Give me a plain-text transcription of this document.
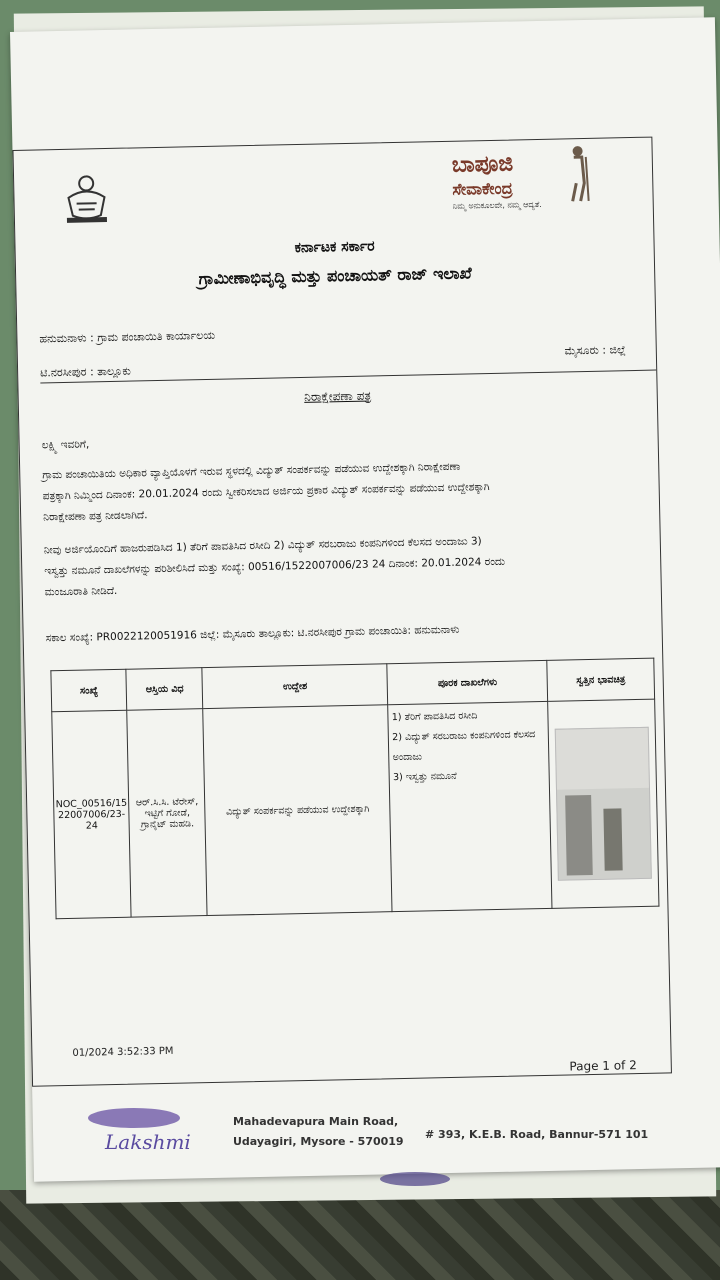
ಬಾಪೂಜಿ
ಸೇವಾಕೇಂದ್ರ
ನಿಮ್ಮ ಅನುಕೂಲವೇ, ನಮ್ಮ ಆದ್ಯತೆ.
ಕರ್ನಾಟಕ ಸರ್ಕಾರ
ಗ್ರಾಮೀಣಾಭಿವೃದ್ಧಿ ಮತ್ತು ಪಂಚಾಯತ್ ರಾಜ್ ಇಲಾಖೆ
ಹನುಮನಾಳು : ಗ್ರಾಮ ಪಂಚಾಯಿತಿ ಕಾರ್ಯಾಲಯ
ಟಿ.ನರಸೀಪುರ : ತಾಲ್ಲೂಕು
ಮೈಸೂರು : ಜಿಲ್ಲೆ
ನಿರಾಕ್ಷೇಪಣಾ ಪತ್ರ
ಲಕ್ಷ್ಮಿ ಇವರಿಗೆ,
ಗ್ರಾಮ ಪಂಚಾಯಿತಿಯ ಅಧಿಕಾರ ವ್ಯಾಪ್ತಿಯೊಳಗೆ ಇರುವ ಸ್ಥಳದಲ್ಲಿ ವಿದ್ಯುತ್ ಸಂಪರ್ಕವನ್ನು ಪಡೆಯುವ ಉದ್ದೇಶಕ್ಕಾಗಿ ನಿರಾಕ್ಷೇಪಣಾ
ಪತ್ರಕ್ಕಾಗಿ ನಿಮ್ಮಿಂದ ದಿನಾಂಕ: 20.01.2024 ರಂದು ಸ್ವೀಕರಿಸಲಾದ ಅರ್ಜಿಯ ಪ್ರಕಾರ ವಿದ್ಯುತ್ ಸಂಪರ್ಕವನ್ನು ಪಡೆಯುವ ಉದ್ದೇಶಕ್ಕಾಗಿ
ನಿರಾಕ್ಷೇಪಣಾ ಪತ್ರ ನೀಡಲಾಗಿದೆ.
ನೀವು ಅರ್ಜಿಯೊಂದಿಗೆ ಹಾಜರುಪಡಿಸಿದ 1) ತೆರಿಗೆ ಪಾವತಿಸಿದ ರಸೀದಿ 2) ವಿದ್ಯುತ್ ಸರಬರಾಜು ಕಂಪನಿಗಳಿಂದ ಕೆಲಸದ ಅಂದಾಜು 3)
ಇಸ್ವತ್ತು ನಮೂನೆ ದಾಖಲೆಗಳನ್ನು ಪರಿಶೀಲಿಸಿದೆ ಮತ್ತು ಸಂಖ್ಯೆ: 00516/1522007006/23 24 ದಿನಾಂಕ: 20.01.2024 ರಂದು
ಮಂಜೂರಾತಿ ನೀಡಿದೆ.
ಸಕಾಲ ಸಂಖ್ಯೆ: PR0022120051916 ಜಿಲ್ಲೆ: ಮೈಸೂರು ತಾಲ್ಲೂಕು: ಟಿ.ನರಸೀಪುರ ಗ್ರಾಮ ಪಂಚಾಯಿತಿ: ಹನುಮನಾಳು
ಸಂಖ್ಯೆ	ಆಸ್ತಿಯ ವಿಧ	ಉದ್ದೇಶ	ಪೂರಕ ದಾಖಲೆಗಳು	ಸ್ವತ್ತಿನ ಭಾವಚಿತ್ರ
NOC_00516/1522007006/23-24	ಆರ್.ಸಿ.ಸಿ. ಟೆರೇಸ್, ಇಟ್ಟಿಗೆ ಗೋಡೆ, ಗ್ರಾನೈಟ್ ಮಹಡಿ.	ವಿದ್ಯುತ್ ಸಂಪರ್ಕವನ್ನು ಪಡೆಯುವ ಉದ್ದೇಶಕ್ಕಾಗಿ	1) ತೆರಿಗೆ ಪಾವತಿಸಿದ ರಸೀದಿ
2) ವಿದ್ಯುತ್ ಸರಬರಾಜು ಕಂಪನಿಗಳಿಂದ ಕೆಲಸದ ಅಂದಾಜು
3) ಇಸ್ವತ್ತು ನಮೂನೆ	

01/2024 3:52:33 PM
Page 1 of 2
Mahadevapura Main Road,
Udayagiri, Mysore - 570019
# 393, K.E.B. Road, Bannur-571 101
Lakshmi
